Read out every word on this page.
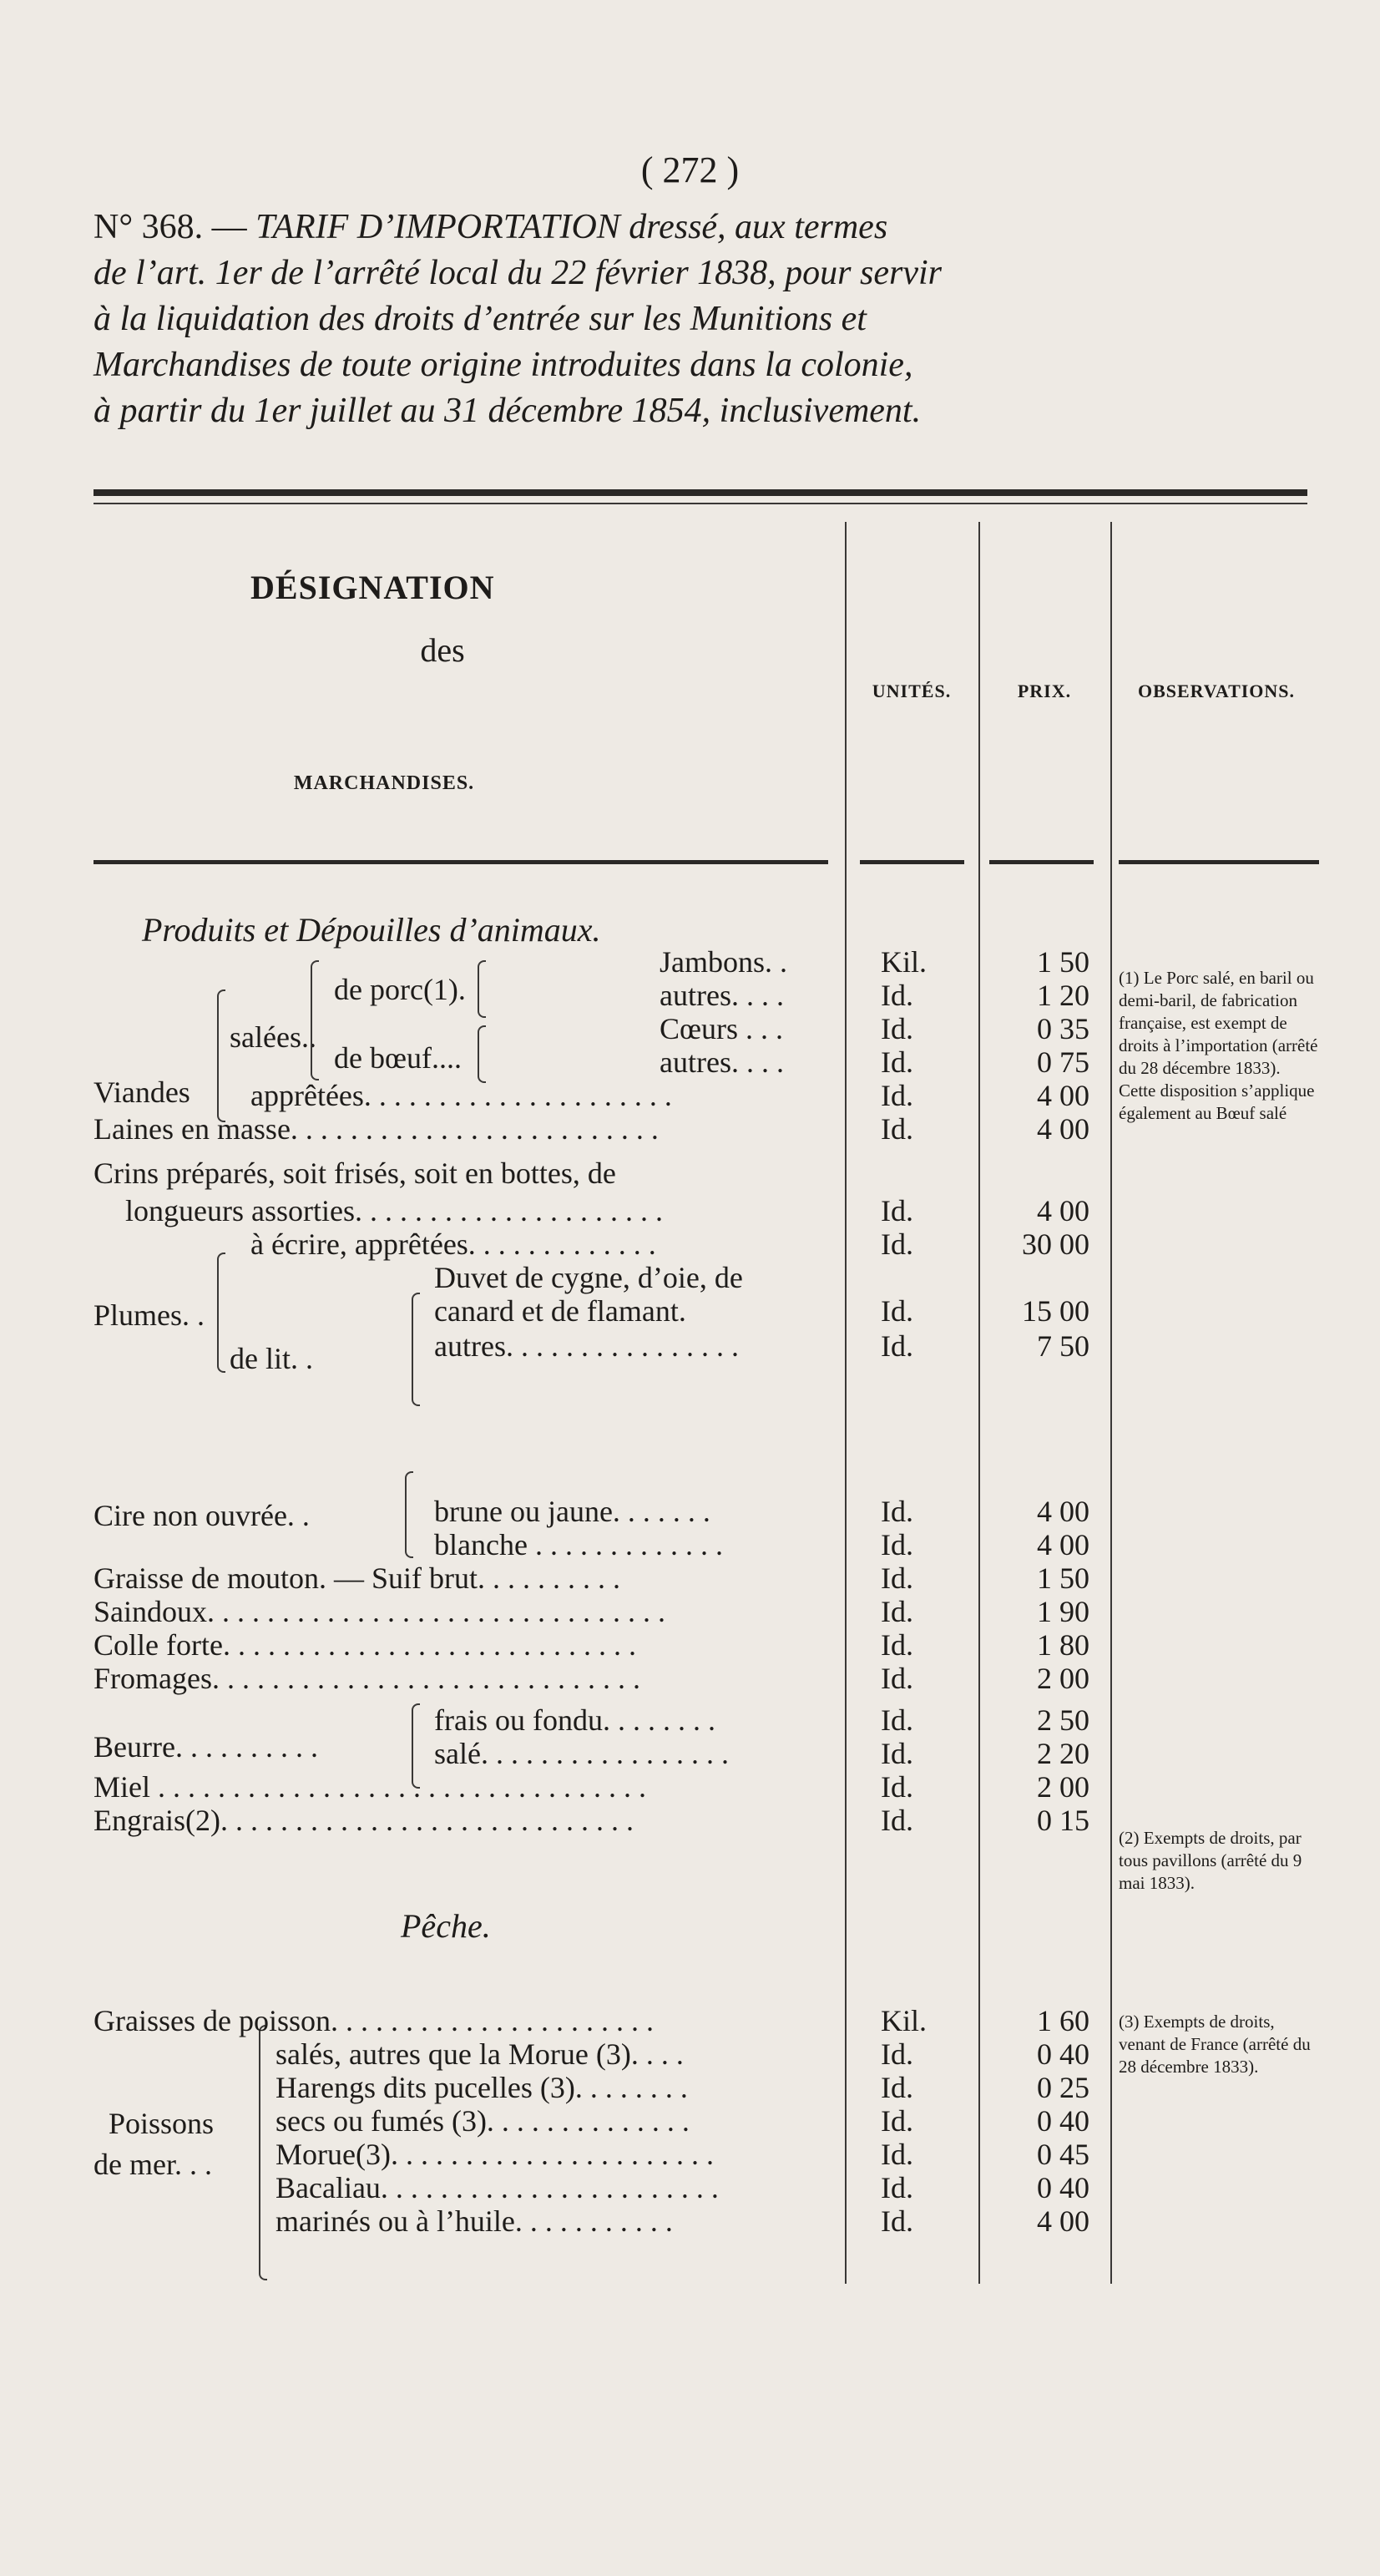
( 272 )
N° 368. — TARIF D’IMPORTATION dressé, aux termes
de l’art. 1er de l’arrêté local du 22 février 1838, pour servir
à la liquidation des droits d’entrée sur les Munitions et
Marchandises de toute origine introduites dans la colonie,
à partir du 1er juillet au 31 décembre 1854, inclusivement.
DÉSIGNATION
des
MARCHANDISES.
UNITÉS.	PRIX.	OBSERVATIONS.
Produits et Dépouilles d’animaux.
Viandes
salées..
de porc(1).
de bœuf....
Plumes. .
de lit. .
Cire non ouvrée. .
Beurre. . . . . . . . . .
Pêche.
Poissons
de mer. . .
Jambons. .	Kil.	1 50
autres. . . .	Id.	1 20
Cœurs . . .	Id.	0 35
autres. . . .	Id.	0 75
apprêtées. . . . . . . . . . . . . . . . . . . . .	Id.	4 00
Laines en masse. . . . . . . . . . . . . . . . . . . . . . . . .	Id.	4 00
Crins préparés, soit frisés, soit en bottes, de
longueurs assorties. . . . . . . . . . . . . . . . . . . . .	Id.	4 00
à écrire, apprêtées. . . . . . . . . . . . .	Id.	30 00
Duvet de cygne, d’oie, de
canard et de flamant.	Id.	15 00
autres. . . . . . . . . . . . . . . .	Id.	7 50
brune ou jaune. . . . . . .	Id.	4 00
blanche . . . . . . . . . . . . .	Id.	4 00
Graisse de mouton. — Suif brut. . . . . . . . . .	Id.	1 50
Saindoux. . . . . . . . . . . . . . . . . . . . . . . . . . . . . . .	Id.	1 90
Colle forte. . . . . . . . . . . . . . . . . . . . . . . . . . . .	Id.	1 80
Fromages. . . . . . . . . . . . . . . . . . . . . . . . . . . . .	Id.	2 00
frais ou fondu. . . . . . . .	Id.	2 50
salé. . . . . . . . . . . . . . . . .	Id.	2 20
Miel . . . . . . . . . . . . . . . . . . . . . . . . . . . . . . . . .	Id.	2 00
Engrais(2). . . . . . . . . . . . . . . . . . . . . . . . . . . .	Id.	0 15
Graisses de poisson. . . . . . . . . . . . . . . . . . . . . .	Kil.	1 60
salés, autres que la Morue (3). . . .	Id.	0 40
Harengs dits pucelles (3). . . . . . . .	Id.	0 25
secs ou fumés (3). . . . . . . . . . . . . .	Id.	0 40
Morue(3). . . . . . . . . . . . . . . . . . . . . .	Id.	0 45
Bacaliau. . . . . . . . . . . . . . . . . . . . . . .	Id.	0 40
marinés ou à l’huile. . . . . . . . . . .	Id.	4 00
(1) Le Porc salé, en baril ou demi-baril, de fabrication française, est exempt de droits à l’importation (arrêté du 28 décembre 1833). Cette disposition s’applique également au Bœuf salé
(2) Exempts de droits, par tous pavillons (arrêté du 9 mai 1833).
(3) Exempts de droits, venant de France (arrêté du 28 décembre 1833).
